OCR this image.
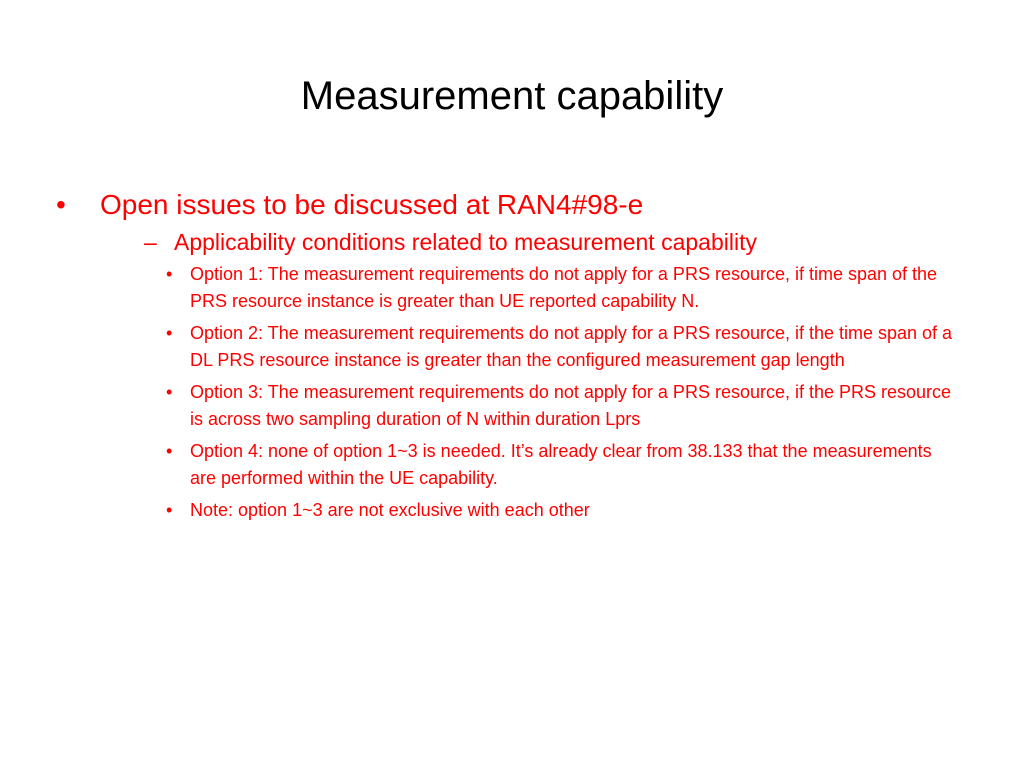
Measurement capability
• Open issues to be discussed at RAN4#98-e
– Applicability conditions related to measurement capability
• Option 1: The measurement requirements do not apply for a PRS resource, if time span of the PRS resource instance is greater than UE reported capability N.
• Option 2: The measurement requirements do not apply for a PRS resource, if the time span of a DL PRS resource instance is greater than the configured measurement gap length
• Option 3: The measurement requirements do not apply for a PRS resource, if the PRS resource is across two sampling duration of N within duration Lprs
• Option 4: none of option 1~3 is needed. It’s already clear from 38.133 that the measurements are performed within the UE capability.
• Note: option 1~3 are not exclusive with each other
